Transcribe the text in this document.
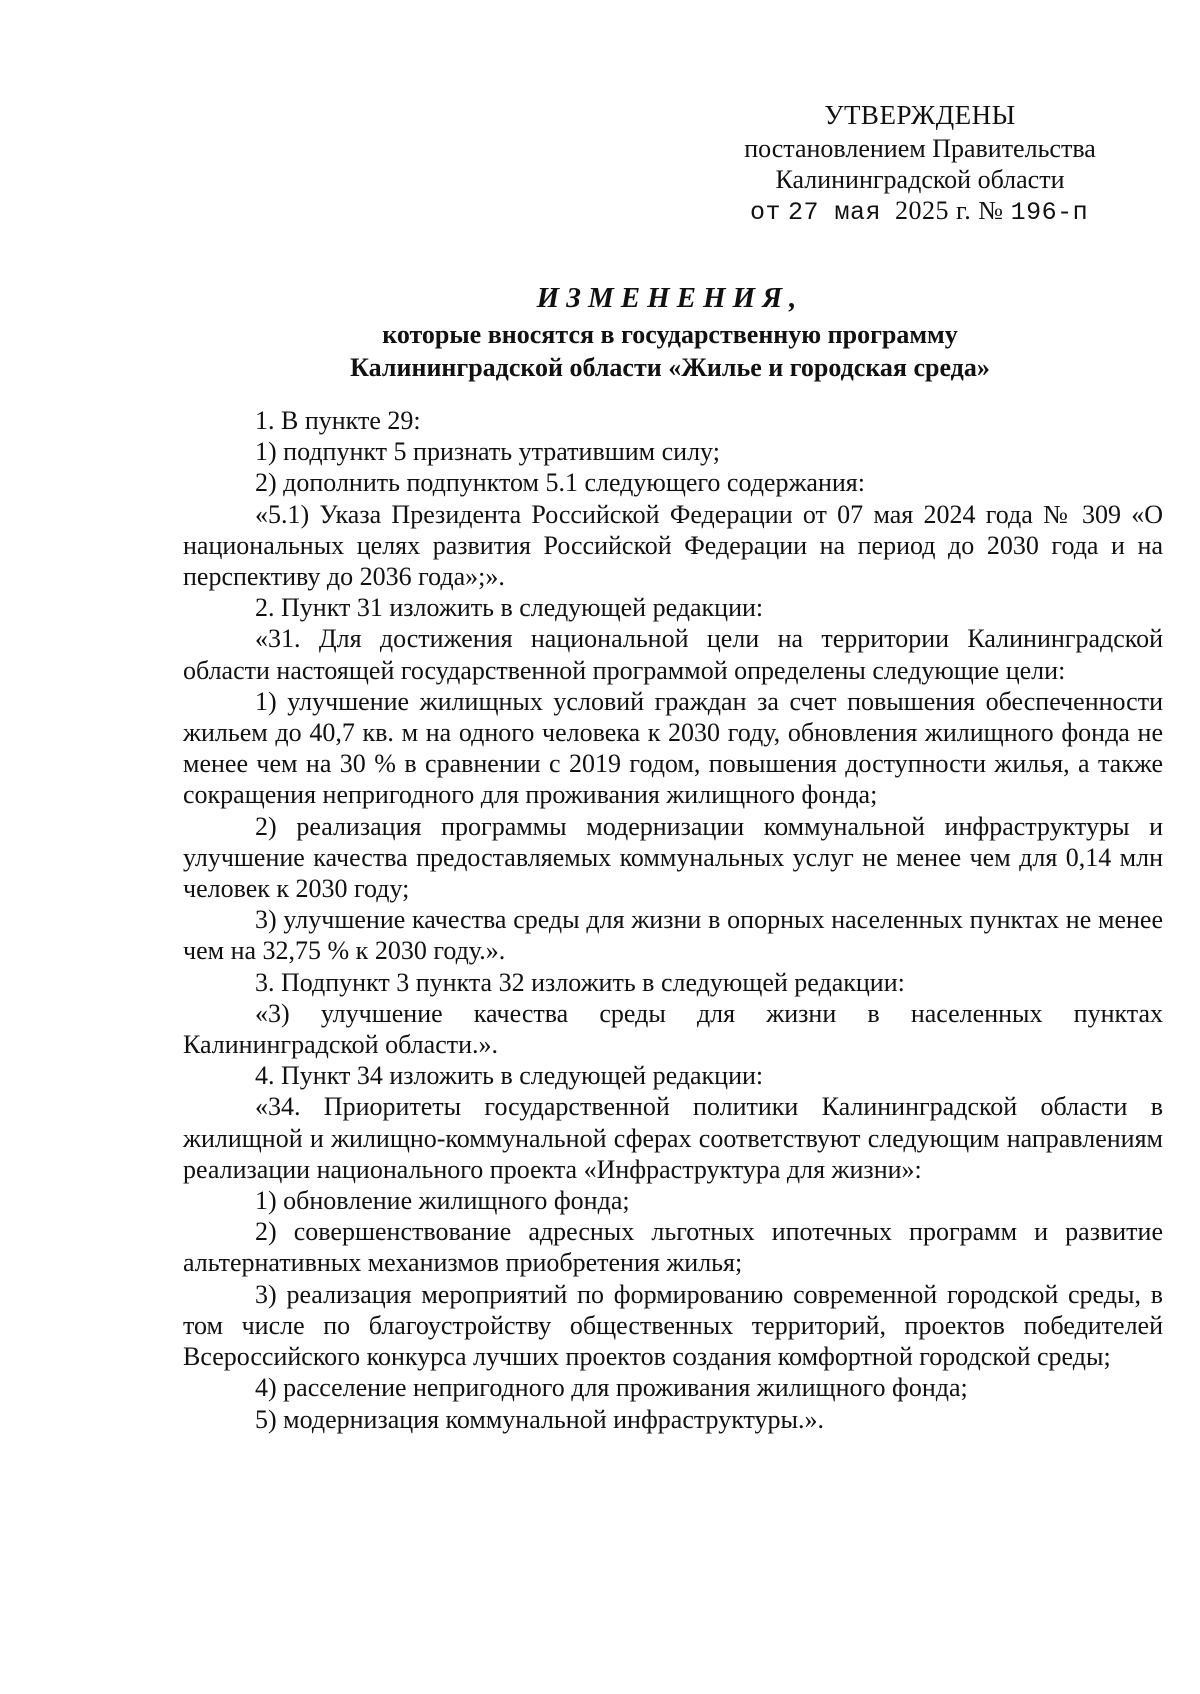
УТВЕРЖДЕНЫ
постановлением Правительства
Калининградской области
от 27 мая 2025 г. № 196-п
ИЗМЕНЕНИЯ,
которые вносятся в государственную программу
Калининградской области «Жилье и городская среда»

1. В пункте 29:

1) подпункт 5 признать утратившим силу;

2) дополнить подпунктом 5.1 следующего содержания:

«5.1) Указа Президента Российской Федерации от 07 мая 2024 года № 309 «О национальных целях развития Российской Федерации на период до 2030 года и на перспективу до 2036 года»;».

2. Пункт 31 изложить в следующей редакции:

«31. Для достижения национальной цели на территории Калининградской области настоящей государственной программой определены следующие цели:

1) улучшение жилищных условий граждан за счет повышения обеспеченности жильем до 40,7 кв. м на одного человека к 2030 году, обновления жилищного фонда не менее чем на 30 % в сравнении с 2019 годом, повышения доступности жилья, а также сокращения непригодного для проживания жилищного фонда;

2) реализация программы модернизации коммунальной инфраструктуры и улучшение качества предоставляемых коммунальных услуг не менее чем для 0,14 млн человек к 2030 году;

3) улучшение качества среды для жизни в опорных населенных пунктах не менее чем на 32,75 % к 2030 году.».

3. Подпункт 3 пункта 32 изложить в следующей редакции:

«3) улучшение качества среды для жизни в населенных пунктах Калининградской области.».

4. Пункт 34 изложить в следующей редакции:

«34. Приоритеты государственной политики Калининградской области в жилищной и жилищно-коммунальной сферах соответствуют следующим направлениям реализации национального проекта «Инфраструктура для жизни»:

1) обновление жилищного фонда;

2) совершенствование адресных льготных ипотечных программ и развитие альтернативных механизмов приобретения жилья;

3) реализация мероприятий по формированию современной городской среды, в том числе по благоустройству общественных территорий, проектов победителей Всероссийского конкурса лучших проектов создания комфортной городской среды;

4) расселение непригодного для проживания жилищного фонда;

5) модернизация коммунальной инфраструктуры.».
